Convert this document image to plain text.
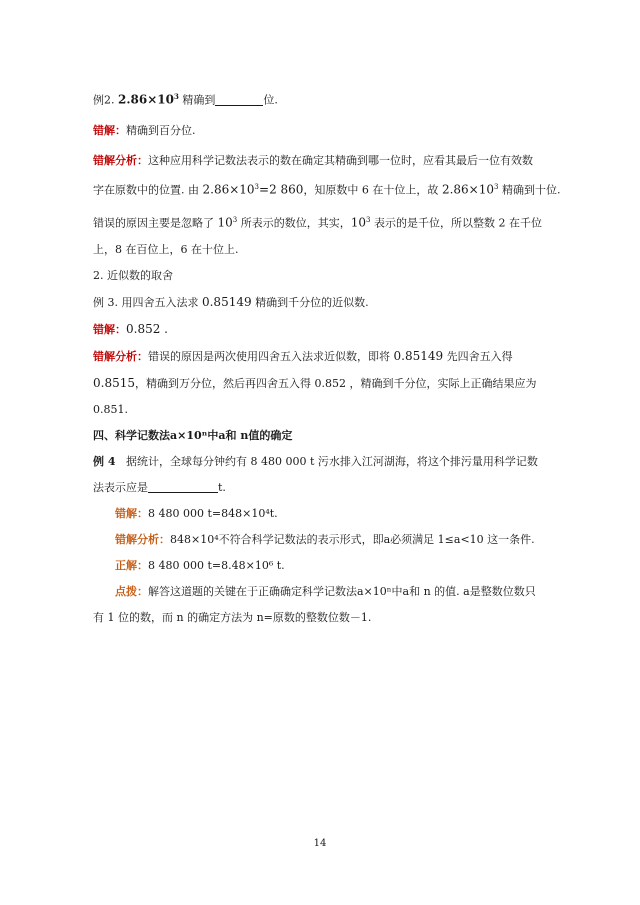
例2. $2.86\times 10^3$ 精确到	位.
错解：精确到百分位.
错解分析：这种应用科学记数法表示的数在确定其精确到哪一位时，应看其最后一位有效数
字在原数中的位置. 由 $2.86\times 10^3=2$ 860，知原数中 6 在十位上，故 $2.86\times 10^3$ 精确到十位.
错误的原因主要是忽略了 $10^3$ 所表示的数位，其实，$10^3$ 表示的是千位，所以整数 2 在千位
上，8 在百位上，6 在十位上.
2. 近似数的取舍
例 3. 用四舍五入法求 0.85149 精确到千分位的近似数.
错解：0.852 .
错解分析：错误的原因是两次使用四舍五入法求近似数，即将 0.85149 先四舍五入得
0.8515，精确到万分位，然后再四舍五入得 0.852 ，精确到千分位，实际上正确结果应为
0.851.
四、科学记数法a×10ⁿ中a和 n值的确定
例 4 据统计，全球每分钟约有 8 480 000 t 污水排入江河湖海，将这个排污量用科学记数
法表示应是	t.
错解：8 480 000 t=848×10⁴t.
错解分析：848×10⁴不符合科学记数法的表示形式，即a必须满足 1≤a<10 这一条件.
正解：8 480 000 t=8.48×10⁶ t.
点拨：解答这道题的关键在于正确确定科学记数法a×10ⁿ中a和 n 的值. a是整数位数只
有 1 位的数，而 n 的确定方法为 n=原数的整数位数－1.
14
